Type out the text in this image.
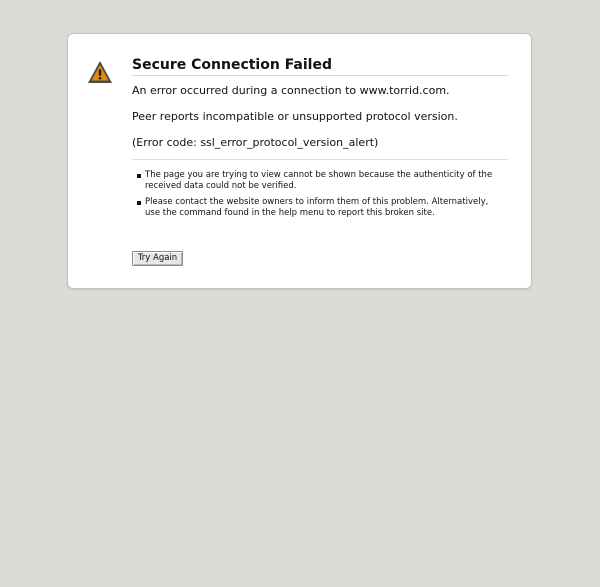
Secure Connection Failed

An error occurred during a connection to www.torrid.com.

Peer reports incompatible or unsupported protocol version.

(Error code: ssl_error_protocol_version_alert)

The page you are trying to view cannot be shown because the authenticity of the received data could not be verified.
Please contact the website owners to inform them of this problem. Alternatively, use the command found in the help menu to report this broken site.
Try Again
